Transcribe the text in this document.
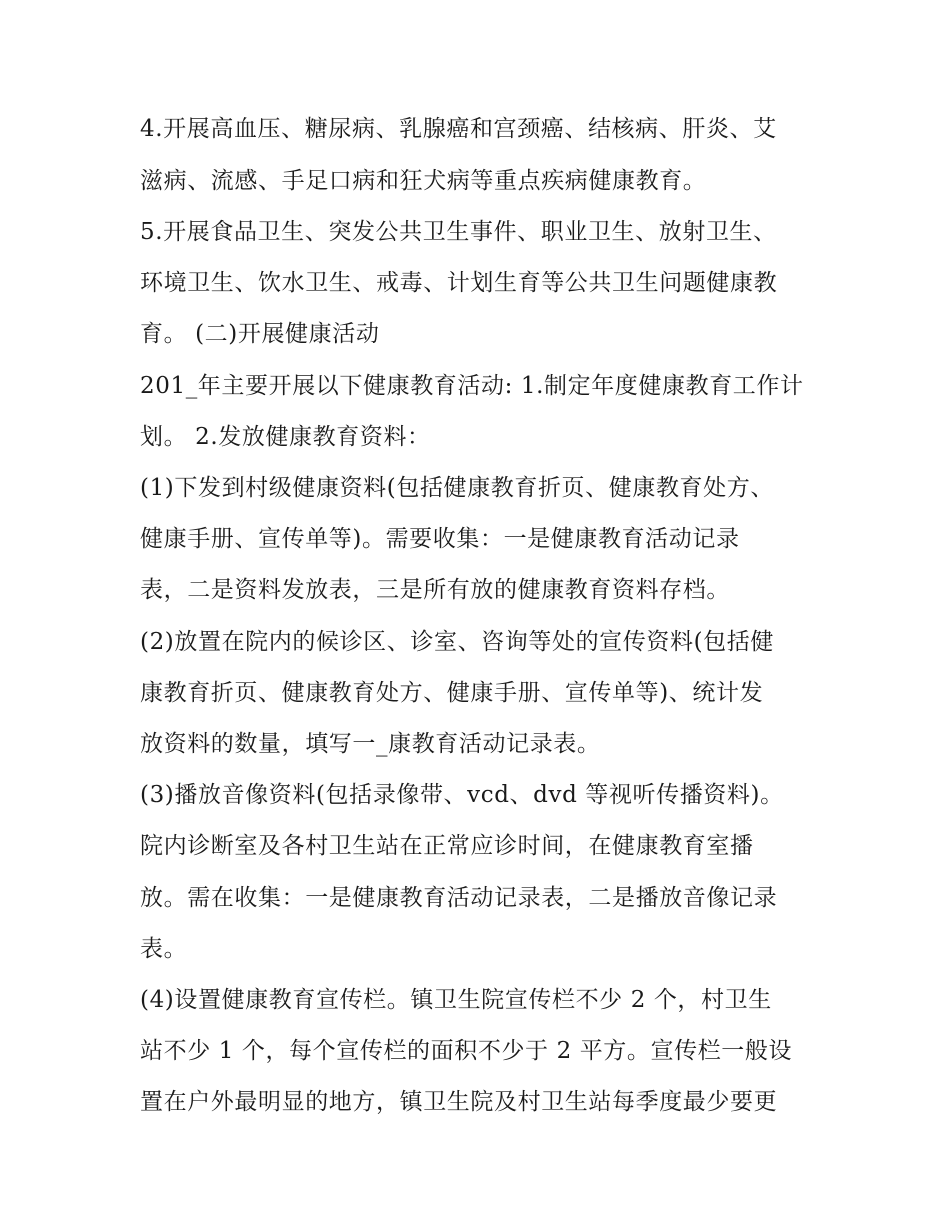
4.开展高血压、糖尿病、乳腺癌和宫颈癌、结核病、肝炎、艾
滋病、流感、手足口病和狂犬病等重点疾病健康教育。
5.开展食品卫生、突发公共卫生事件、职业卫生、放射卫生、
环境卫生、饮水卫生、戒毒、计划生育等公共卫生问题健康教
育。 (二)开展健康活动
201_年主要开展以下健康教育活动: 1.制定年度健康教育工作计
划。 2.发放健康教育资料：
(1)下发到村级健康资料(包括健康教育折页、健康教育处方、
健康手册、宣传单等)。需要收集：一是健康教育活动记录
表，二是资料发放表，三是所有放的健康教育资料存档。
(2)放置在院内的候诊区、诊室、咨询等处的宣传资料(包括健
康教育折页、健康教育处方、健康手册、宣传单等)、统计发
放资料的数量，填写一_康教育活动记录表。
(3)播放音像资料(包括录像带、vcd、dvd 等视听传播资料)。
院内诊断室及各村卫生站在正常应诊时间，在健康教育室播
放。需在收集：一是健康教育活动记录表，二是播放音像记录
表。
(4)设置健康教育宣传栏。镇卫生院宣传栏不少 2 个，村卫生
站不少 1 个，每个宣传栏的面积不少于 2 平方。宣传栏一般设
置在户外最明显的地方，镇卫生院及村卫生站每季度最少要更
